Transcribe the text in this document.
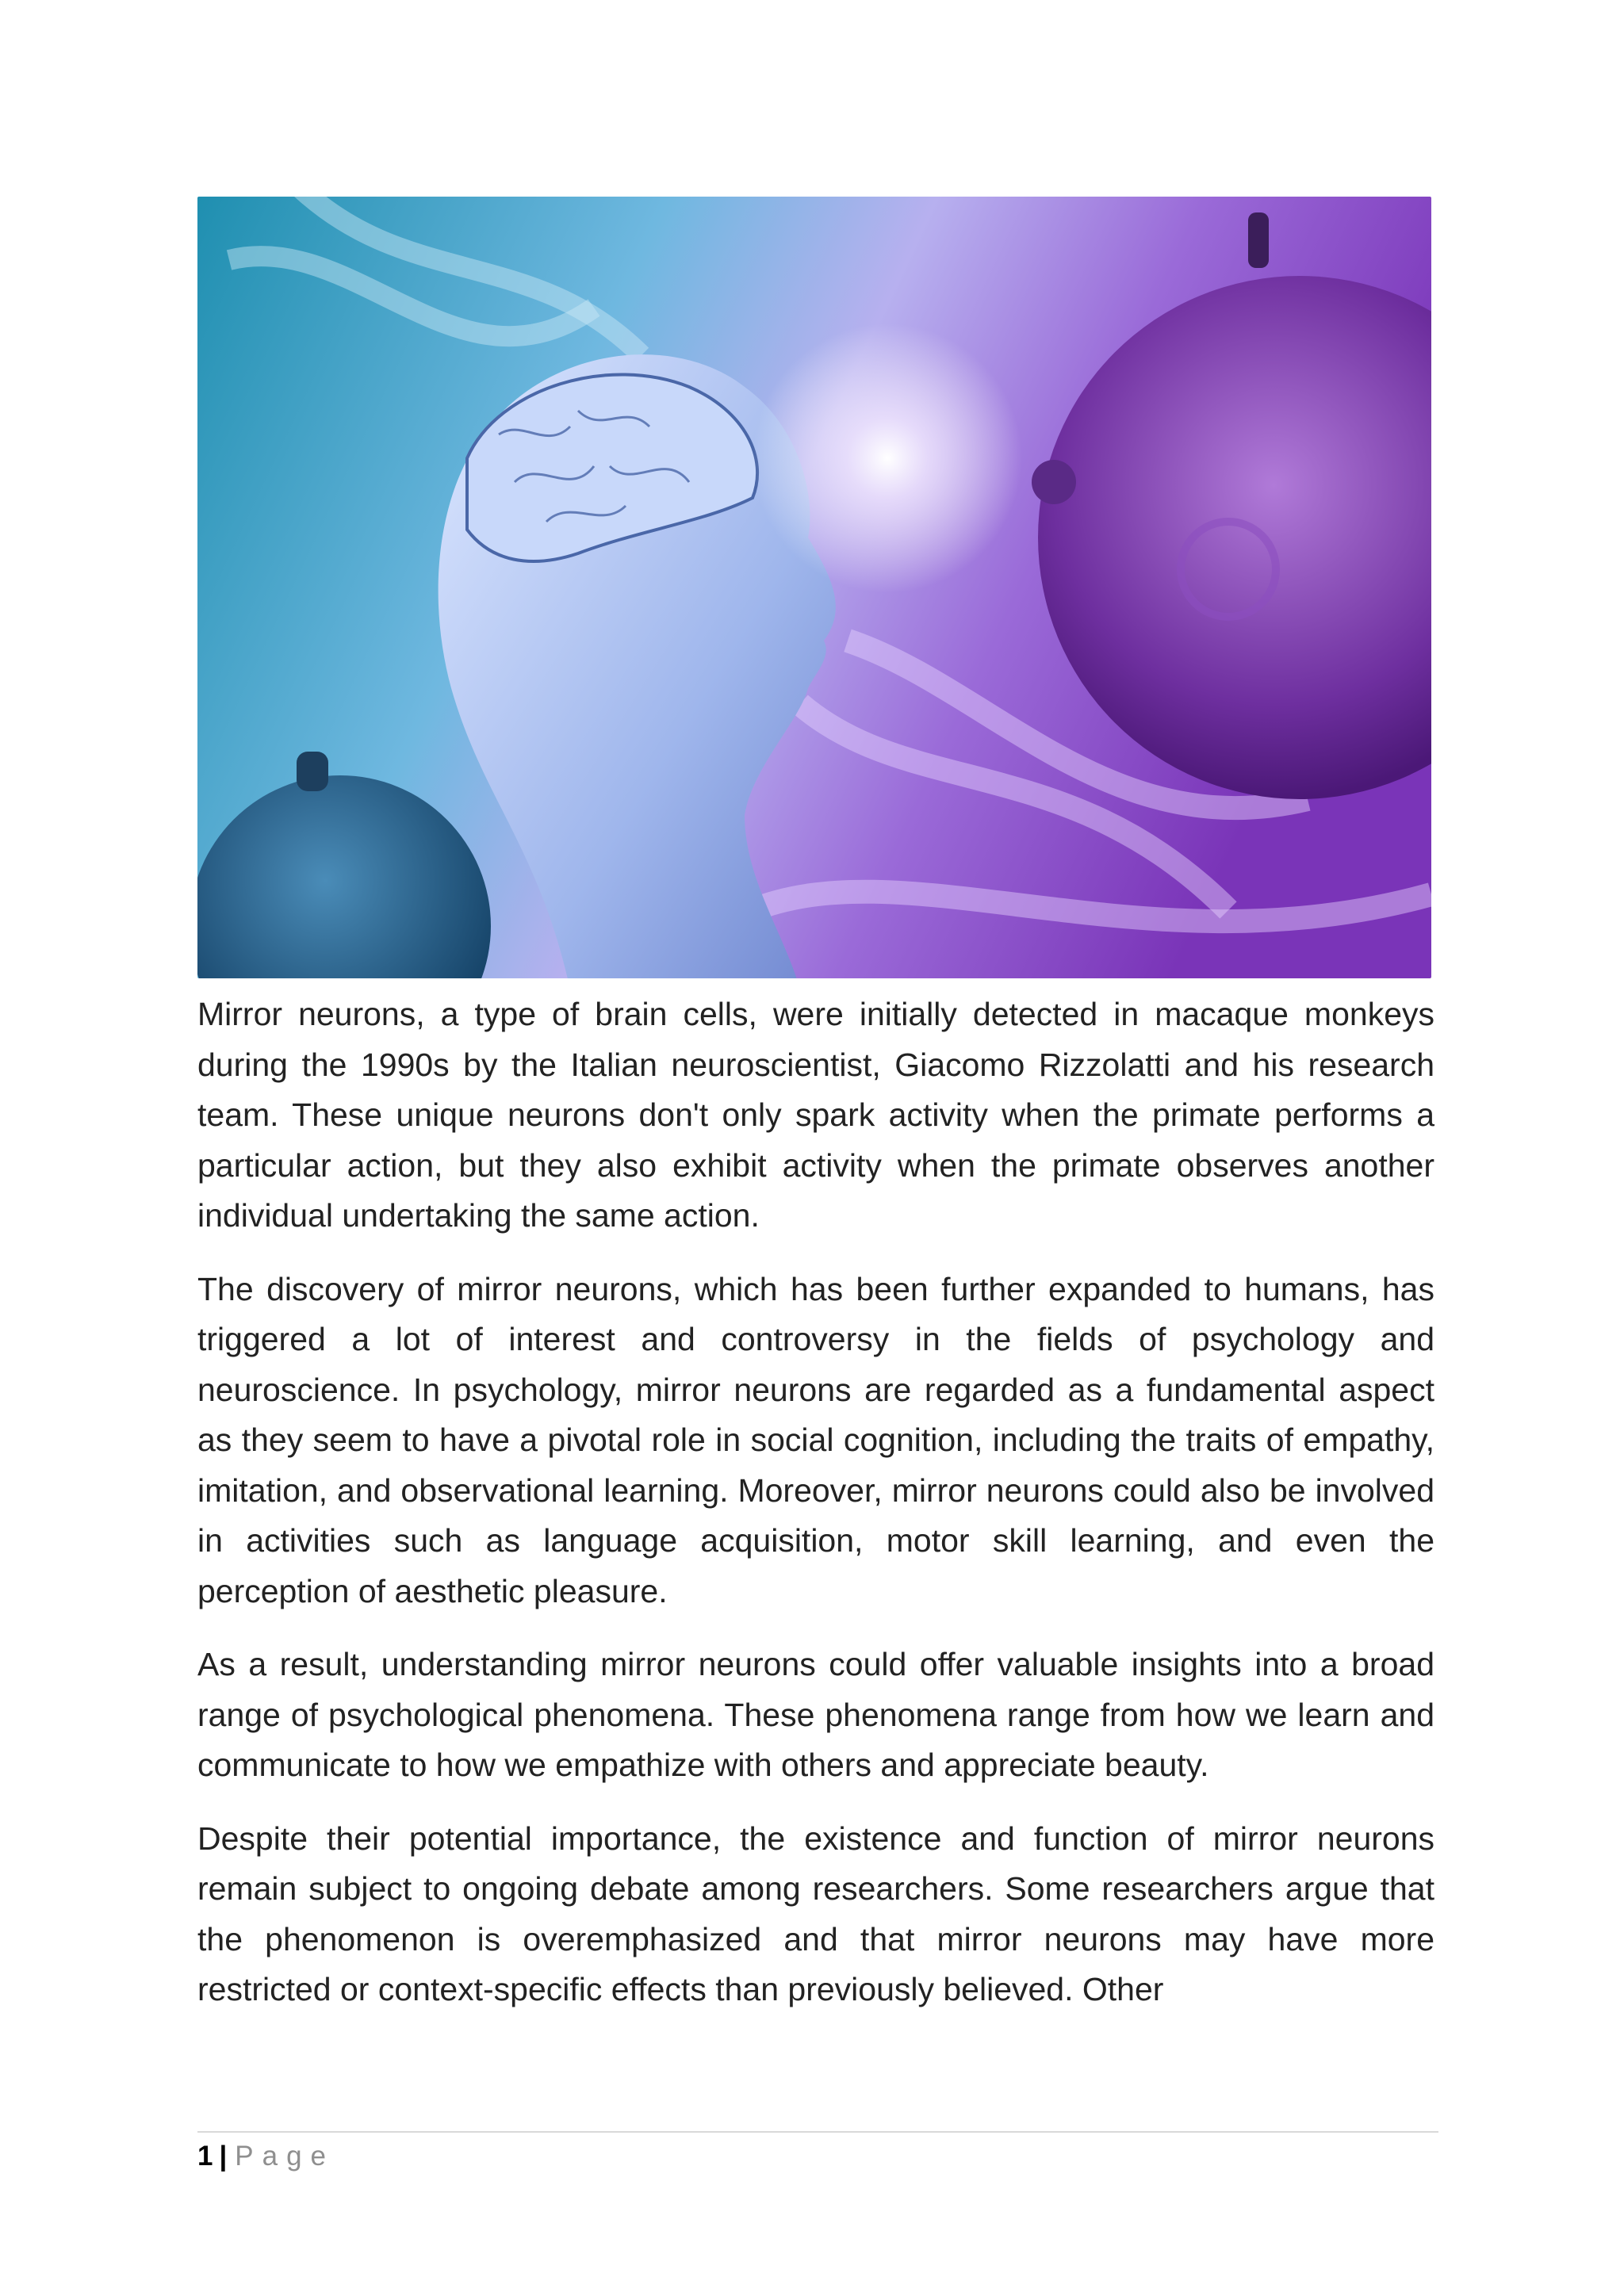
Mirror neurons, a type of brain cells, were initially detected in macaque monkeys during the 1990s by the Italian neuroscientist, Giacomo Rizzolatti and his research team. These unique neurons don't only spark activity when the primate performs a particular action, but they also exhibit activity when the primate observes another individual undertaking the same action.

The discovery of mirror neurons, which has been further expanded to humans, has triggered a lot of interest and controversy in the fields of psychology and neuroscience. In psychology, mirror neurons are regarded as a fundamental aspect as they seem to have a pivotal role in social cognition, including the traits of empathy, imitation, and observational learning. Moreover, mirror neurons could also be involved in activities such as language acquisition, motor skill learning, and even the perception of aesthetic pleasure.

As a result, understanding mirror neurons could offer valuable insights into a broad range of psychological phenomena. These phenomena range from how we learn and communicate to how we empathize with others and appreciate beauty.

Despite their potential importance, the existence and function of mirror neurons remain subject to ongoing debate among researchers. Some researchers argue that the phenomenon is overemphasized and that mirror neurons may have more restricted or context-specific effects than previously believed. Other

1 | Page
